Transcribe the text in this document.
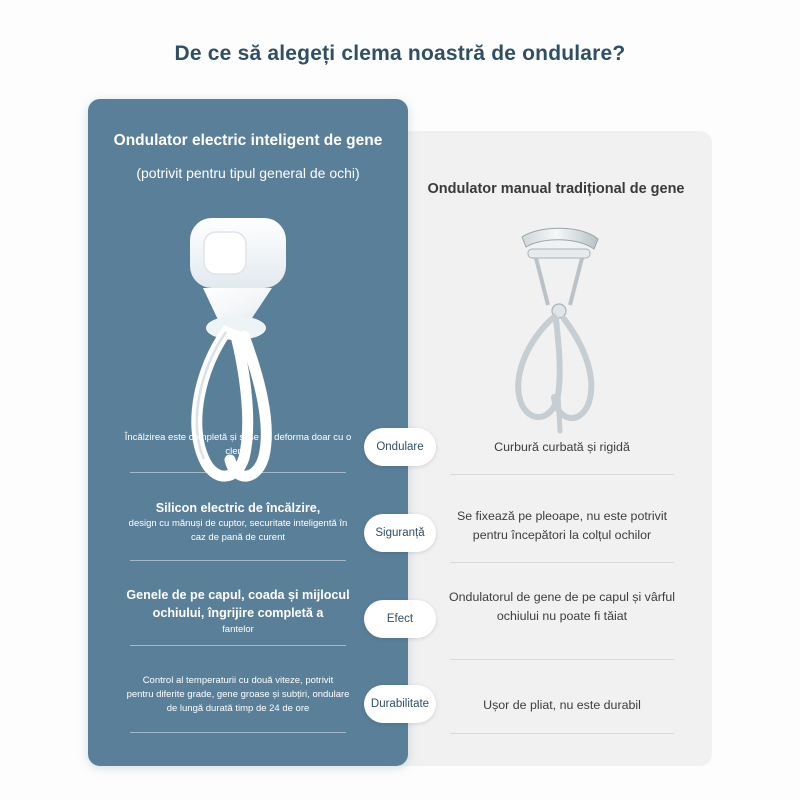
De ce să alegeți clema noastră de ondulare?
Ondulator electric inteligent de gene
(potrivit pentru tipul general de ochi)
Ondulator manual tradițional de gene
Ondulare
Siguranță
Efect
Durabilitate
Încălzirea este completă și și se va deforma doar cu o clemă
Silicon electric de încălzire,
design cu mănuși de cuptor, securitate inteligentă în caz de pană de curent
Genele de pe capul, coada și mijlocul ochiului, îngrijire completă a
fantelor
Control al temperaturii cu două viteze, potrivit
pentru diferite grade, gene groase și subțiri, ondulare de lungă durată timp de 24 de ore
Curbură curbată și rigidă
Se fixează pe pleoape, nu este potrivit pentru începători la colțul ochilor
Ondulatorul de gene de pe capul și vârful ochiului nu poate fi tăiat
Ușor de pliat, nu este durabil
